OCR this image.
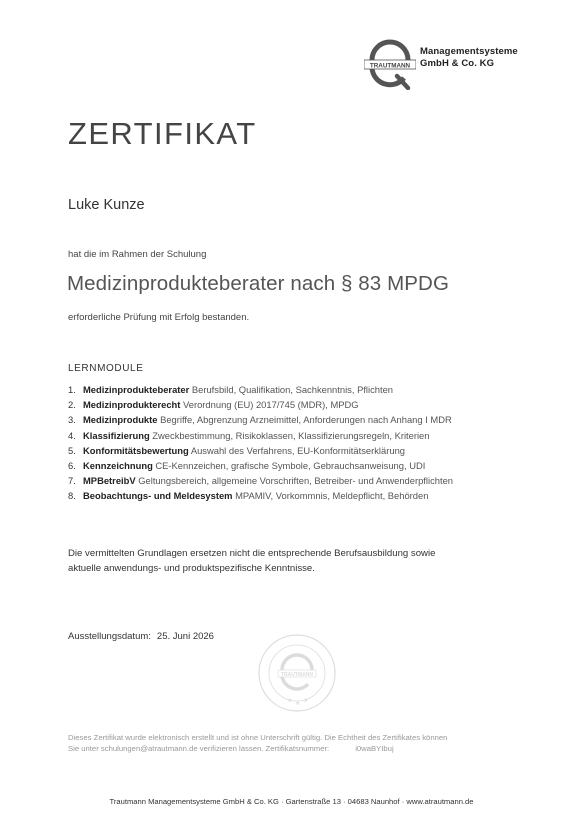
TRAUTMANN
Managementsysteme
GmbH & Co. KG
ZERTIFIKAT
Luke Kunze
hat die im Rahmen der Schulung
Medizinprodukteberater nach § 83 MPDG
erforderliche Prüfung mit Erfolg bestanden.
LERNMODULE
1. Medizinprodukteberater Berufsbild, Qualifikation, Sachkenntnis, Pflichten
2. Medizinprodukterecht Verordnung (EU) 2017/745 (MDR), MPDG
3. Medizinprodukte Begriffe, Abgrenzung Arzneimittel, Anforderungen nach Anhang I MDR
4. Klassifizierung Zweckbestimmung, Risikoklassen, Klassifizierungsregeln, Kriterien
5. Konformitätsbewertung Auswahl des Verfahrens, EU-Konformitätserklärung
6. Kennzeichnung CE-Kennzeichen, grafische Symbole, Gebrauchsanweisung, UDI
7. MPBetreibV Geltungsbereich, allgemeine Vorschriften, Betreiber- und Anwenderpflichten
8. Beobachtungs- und Meldesystem MPAMIV, Vorkommnis, Meldepflicht, Behörden
Die vermittelten Grundlagen ersetzen nicht die entsprechende Berufsausbildung sowie
aktuelle anwendungs- und produktspezifische Kenntnisse.
Ausstellungsdatum: 25. Juni 2026
TRAUTMANN
★ ★ ★
Dieses Zertifikat wurde elektronisch erstellt und ist ohne Unterschrift gültig. Die Echtheit des Zertifikates können
Sie unter schulungen@atrautmann.de verifizieren lassen. Zertifikatsnummer:	i0waBYIbuj
Trautmann Managementsysteme GmbH & Co. KG · Gartenstraße 13 · 04683 Naunhof · www.atrautmann.de
